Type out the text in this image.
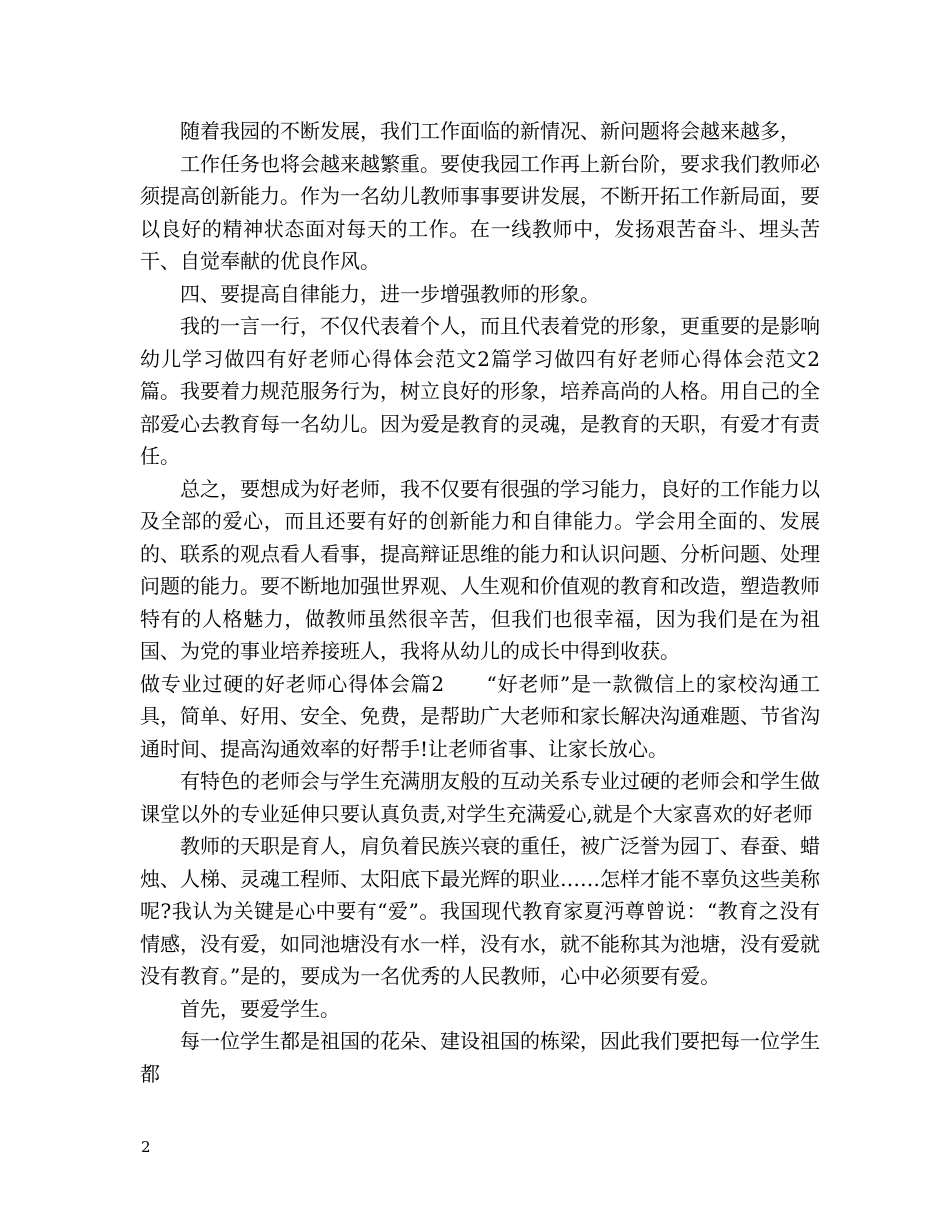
随着我园的不断发展，我们工作面临的新情况、新问题将会越来越多，

工作任务也将会越来越繁重。要使我园工作再上新台阶，要求我们教师必须提高创新能力。作为一名幼儿教师事事要讲发展，不断开拓工作新局面，要以良好的精神状态面对每天的工作。在一线教师中，发扬艰苦奋斗、埋头苦干、自觉奉献的优良作风。

四、要提高自律能力，进一步增强教师的形象。

我的一言一行，不仅代表着个人，而且代表着党的形象，更重要的是影响幼儿学习做四有好老师心得体会范文2篇学习做四有好老师心得体会范文2篇。我要着力规范服务行为，树立良好的形象，培养高尚的人格。用自己的全部爱心去教育每一名幼儿。因为爱是教育的灵魂，是教育的天职，有爱才有责任。

总之，要想成为好老师，我不仅要有很强的学习能力，良好的工作能力以及全部的爱心，而且还要有好的创新能力和自律能力。学会用全面的、发展的、联系的观点看人看事，提高辩证思维的能力和认识问题、分析问题、处理问题的能力。要不断地加强世界观、人生观和价值观的教育和改造，塑造教师特有的人格魅力，做教师虽然很辛苦，但我们也很幸福，因为我们是在为祖国、为党的事业培养接班人，我将从幼儿的成长中得到收获。

做专业过硬的好老师心得体会篇2　　“好老师”是一款微信上的家校沟通工具，简单、好用、安全、免费，是帮助广大老师和家长解决沟通难题、节省沟通时间、提高沟通效率的好帮手!让老师省事、让家长放心。

有特色的老师会与学生充满朋友般的互动关系专业过硬的老师会和学生做课堂以外的专业延伸只要认真负责,对学生充满爱心,就是个大家喜欢的好老师

教师的天职是育人，肩负着民族兴衰的重任，被广泛誉为园丁、春蚕、蜡烛、人梯、灵魂工程师、太阳底下最光辉的职业……怎样才能不辜负这些美称呢?我认为关键是心中要有“爱”。我国现代教育家夏沔尊曾说：“教育之没有情感，没有爱，如同池塘没有水一样，没有水，就不能称其为池塘，没有爱就没有教育。”是的，要成为一名优秀的人民教师，心中必须要有爱。

首先，要爱学生。

每一位学生都是祖国的花朵、建设祖国的栋梁，因此我们要把每一位学生都

2
